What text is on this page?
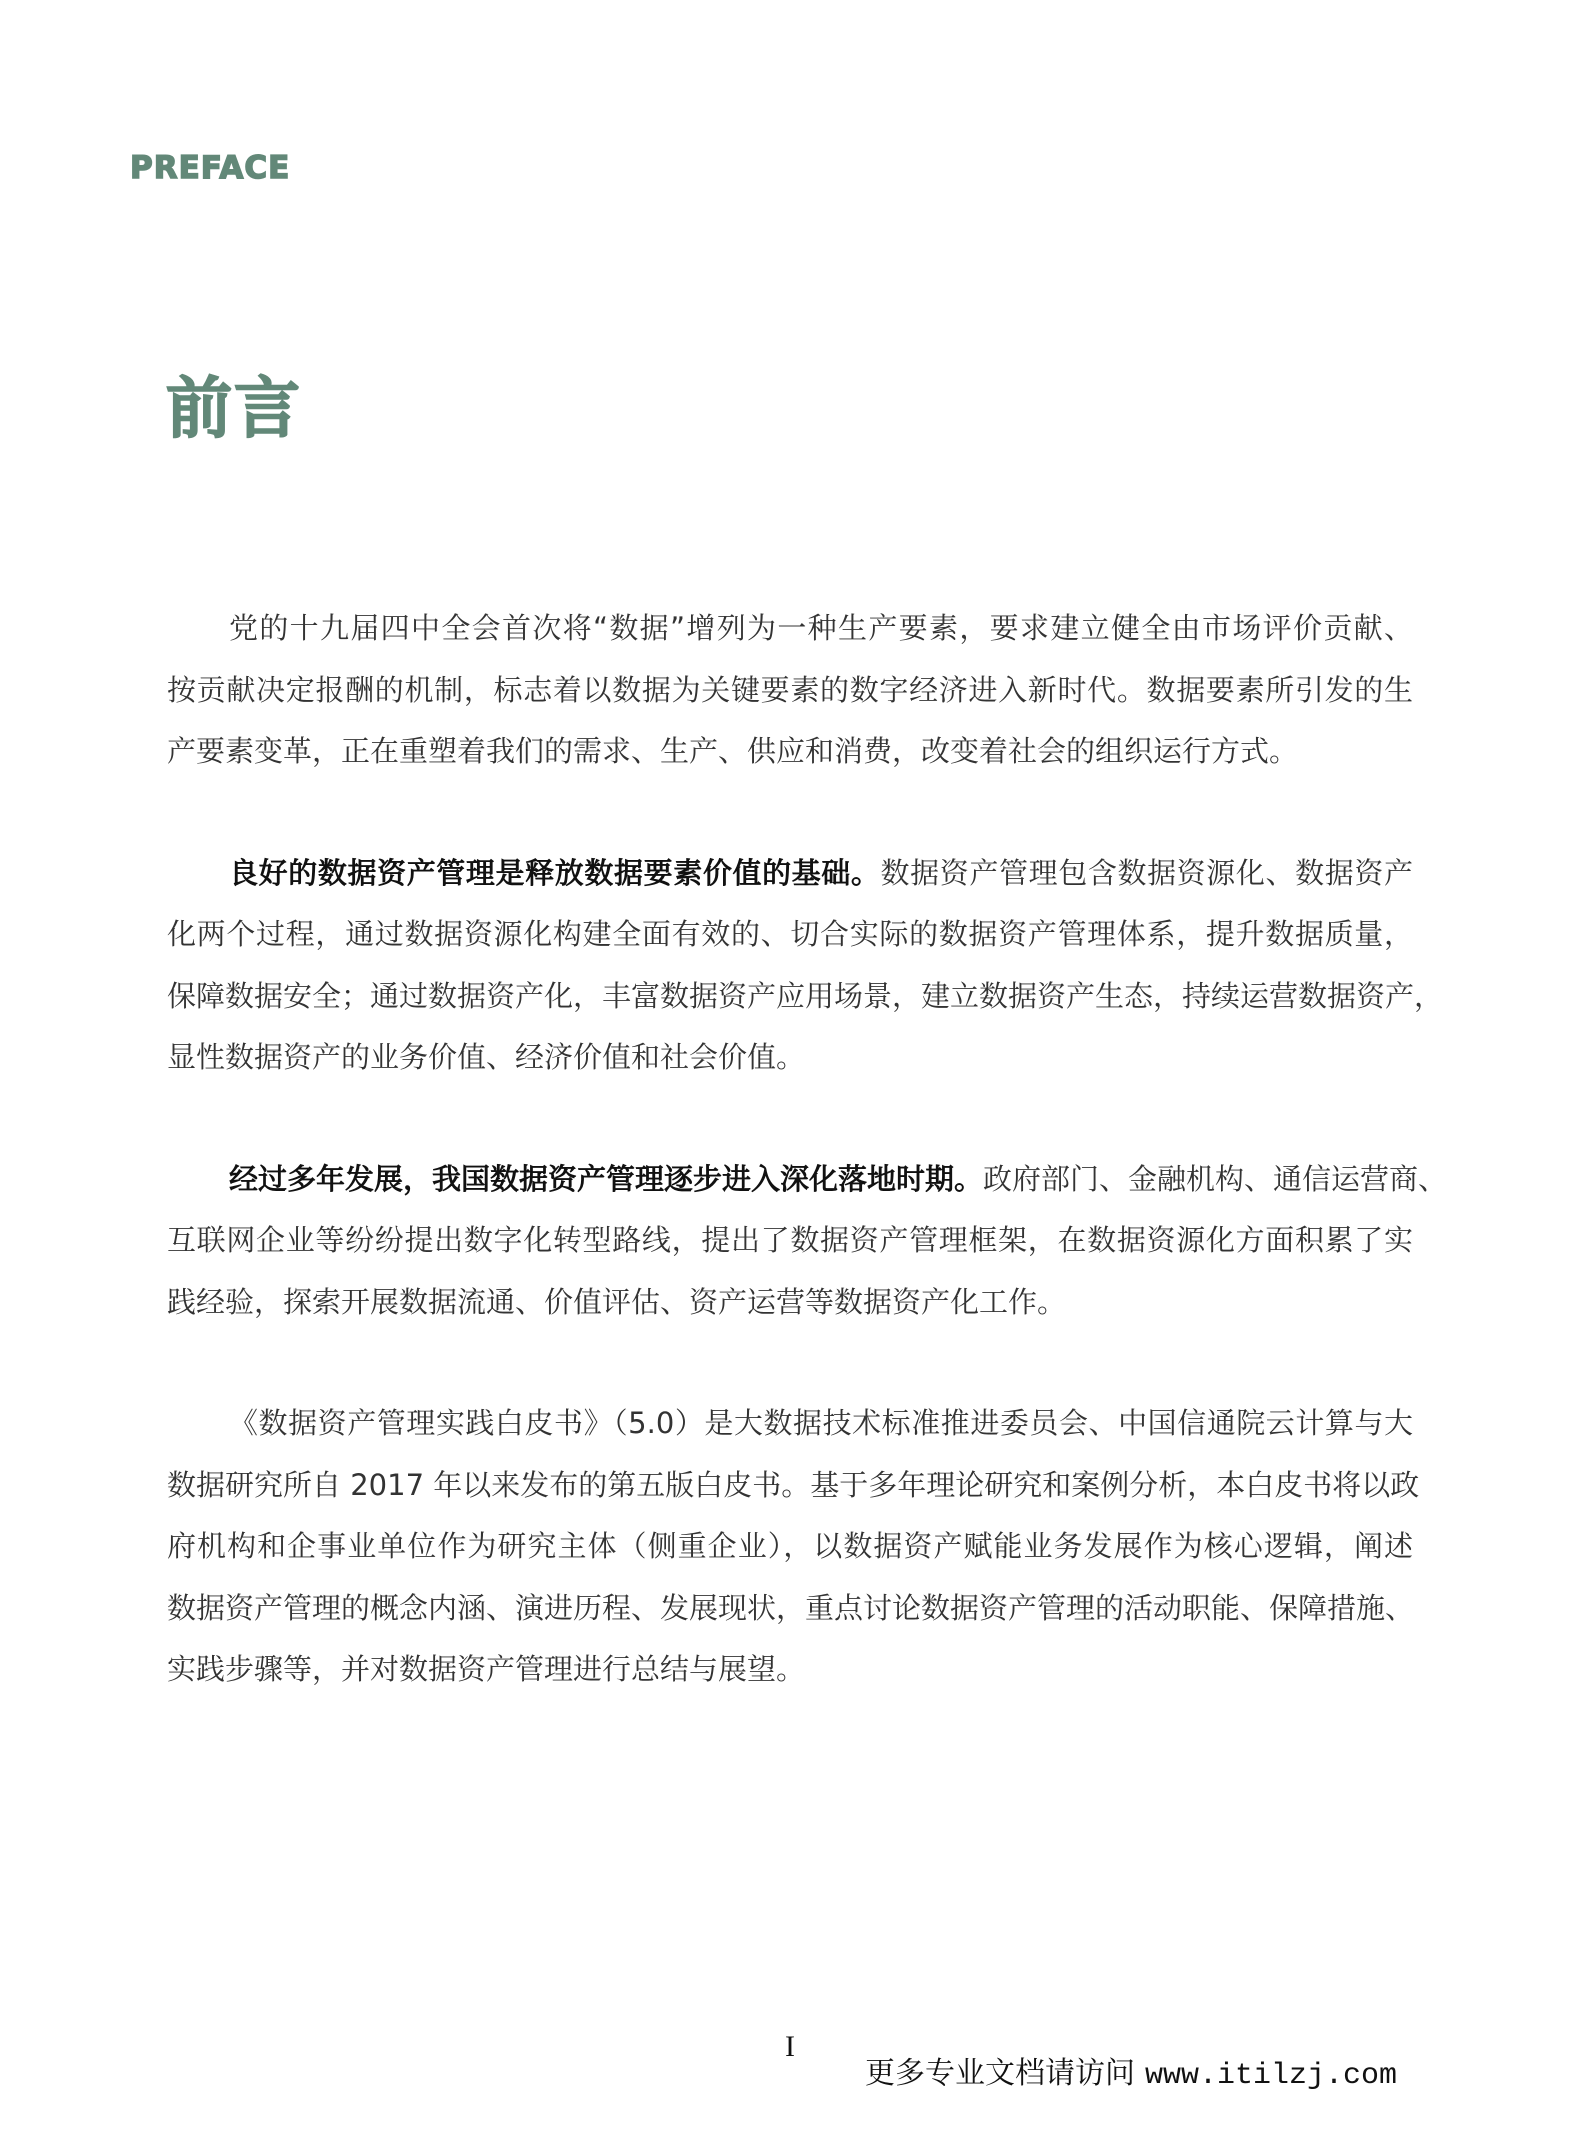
PREFACE
前言
党的十九届四中全会首次将“数据”增列为一种生产要素，要求建立健全由市场评价贡献、
按贡献决定报酬的机制，标志着以数据为关键要素的数字经济进入新时代。数据要素所引发的生
产要素变革，正在重塑着我们的需求、生产、供应和消费，改变着社会的组织运行方式。
良好的数据资产管理是释放数据要素价值的基础。数据资产管理包含数据资源化、数据资产
化两个过程，通过数据资源化构建全面有效的、切合实际的数据资产管理体系，提升数据质量，
保障数据安全；通过数据资产化，丰富数据资产应用场景，建立数据资产生态，持续运营数据资产，
显性数据资产的业务价值、经济价值和社会价值。
经过多年发展，我国数据资产管理逐步进入深化落地时期。政府部门、金融机构、通信运营商、
互联网企业等纷纷提出数字化转型路线，提出了数据资产管理框架，在数据资源化方面积累了实
践经验，探索开展数据流通、价值评估、资产运营等数据资产化工作。
《数据资产管理实践白皮书》（5.0）是大数据技术标准推进委员会、中国信通院云计算与大
数据研究所自 2017 年以来发布的第五版白皮书。基于多年理论研究和案例分析，本白皮书将以政
府机构和企事业单位作为研究主体（侧重企业），以数据资产赋能业务发展作为核心逻辑，阐述
数据资产管理的概念内涵、演进历程、发展现状，重点讨论数据资产管理的活动职能、保障措施、
实践步骤等，并对数据资产管理进行总结与展望。
I
更多专业文档请访问 www.itilzj.com
